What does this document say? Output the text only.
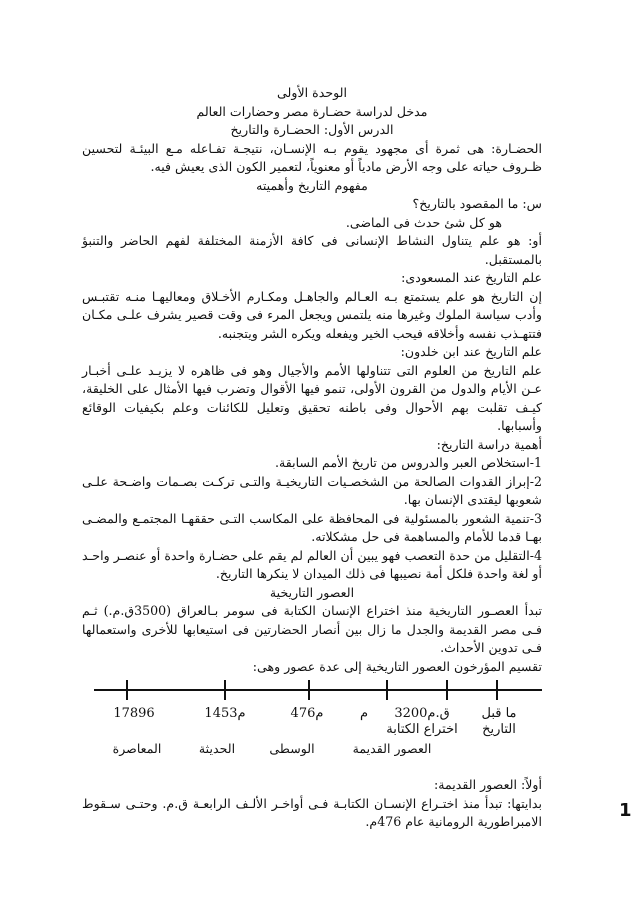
الوحدة الأولى
مدخل لدراسة حضـارة مصر وحضارات العالم
الدرس الأول: الحضـارة والتاريخ
الحضـارة: هى ثمرة أى مجهود يقوم بـه الإنسـان، نتيجـة تفـاعله مـع البيئـة لتحسين ظـروف حياته على وجه الأرض مادياً أو معنوياً، لتعمير الكون الذى يعيش فيه.
مفهوم التاريخ وأهميته
س: ما المقصود بالتاريخ؟
هو كل شئ حدث فى الماضى.
أو: هو علم يتناول النشاط الإنسانى فى كافة الأزمنة المختلفة لفهم الحاضر والتنبؤ بالمستقبل.
علم التاريخ عند المسعودى:
إن التاريخ هو علم يستمتع بـه العـالم والجاهـل ومكـارم الأخـلاق ومعاليهـا منـه تقتبـس وأدب سياسة الملوك وغيرها منه يلتمس ويجعل المرء فى وقت قصير يشرف علـى مكـان فتتهـذب نفسه وأخلاقه فيحب الخير ويفعله ويكره الشر ويتجنبه.
علم التاريخ عند ابن خلدون:
علم التاريخ من العلوم التى تتناولها الأمم والأجيال وهو فى ظاهره لا يزيـد علـى أخبـار عـن الأيام والدول من القرون الأولى، تنمو فيها الأقوال وتضرب فيها الأمثال على الخليقة، كيـف تقلبت بهم الأحوال وفى باطنه تحقيق وتعليل للكائنات وعلم بكيفيات الوقائع وأسبابها.
أهمية دراسة التاريخ:
1-استخلاص العبر والدروس من تاريخ الأمم السابقة.
2-إبراز القدوات الصالحة من الشخصـيات التاريخيـة والتـى تركـت بصـمات واضـحة علـى شعوبها ليقتدى الإنسان بها.
3-تنمية الشعور بالمسئولية فى المحافظة على المكاسب التـى حققهـا المجتمـع والمضـى بهـا قدما للأمام والمساهمة فى حل مشكلاته.
4-التقليل من حدة التعصب فهو يبين أن العالم لم يقم على حضـارة واحدة أو عنصـر واحـد أو لغة واحدة فلكل أمة نصيبها فى ذلك الميدان لا ينكرها التاريخ.
العصور التاريخية
تبدأ العصـور التاريخية منذ اختراع الإنسان الكتابة فى سومر بـالعراق (3500ق.م.) ثـم فـى مصر القديمة والجدل ما زال بين أنصار الحضارتين فى استيعابها للأخرى واستعمالها فـى تدوين الأحداث.
تقسيم المؤرخون العصور التاريخية إلى عدة عصور وهى:
17896	1453م	476م	م	3200ق.م
اختراع الكتابة
ما قبل
التاريخ
المعاصرة	الحديثة	الوسطى	العصور القديمة
أولاً: العصور القديمة:
بدايتها: تبدأ منذ اختـراع الإنسـان الكتابـة فـى أواخـر الألـف الرابعـة ق.م. وحتـى سـقوط الامبراطورية الرومانية عام 476م.
1
